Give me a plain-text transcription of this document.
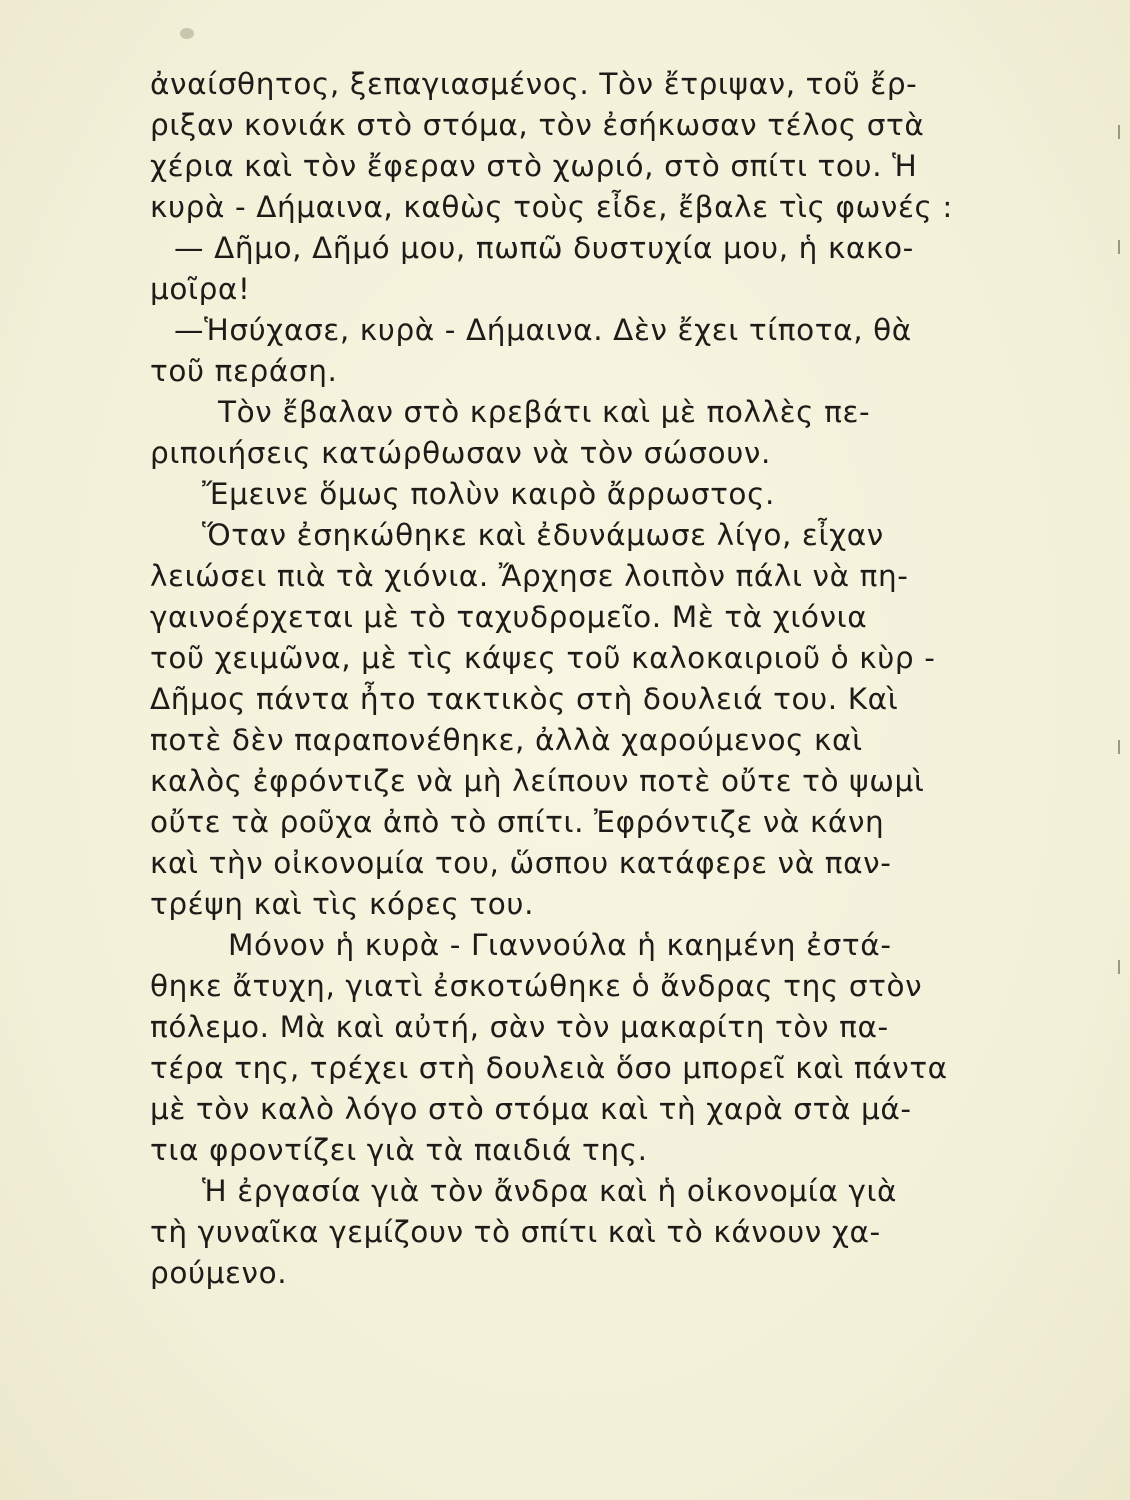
ἀναίσθητος, ξεπαγιασμένος. Τὸν ἔτριψαν, τοῦ ἔρ-
ριξαν κονιάκ στὸ στόμα, τὸν ἐσήκωσαν τέλος στὰ
χέρια καὶ τὸν ἔφεραν στὸ χωριό, στὸ σπίτι του. Ἡ
κυρὰ - Δήμαινα, καθὼς τοὺς εἶδε, ἔβαλε τὶς φωνές :
— Δῆμο, Δῆμό μου, πωπῶ δυστυχία μου, ἡ κακο-
μοῖρα!
—Ἡσύχασε, κυρὰ - Δήμαινα. Δὲν ἔχει τίποτα, θὰ
τοῦ περάση.
Τὸν ἔβαλαν στὸ κρεβάτι καὶ μὲ πολλὲς πε-
ριποιήσεις κατώρθωσαν νὰ τὸν σώσουν.
Ἔμεινε ὅμως πολὺν καιρὸ ἄρρωστος.
Ὅταν ἐσηκώθηκε καὶ ἐδυνάμωσε λίγο, εἶχαν
λειώσει πιὰ τὰ χιόνια. Ἄρχησε λοιπὸν πάλι νὰ πη-
γαινοέρχεται μὲ τὸ ταχυδρομεῖο. Μὲ τὰ χιόνια
τοῦ χειμῶνα, μὲ τὶς κάψες τοῦ καλοκαιριοῦ ὁ κὺρ -
Δῆμος πάντα ἦτο τακτικὸς στὴ δουλειά του. Καὶ
ποτὲ δὲν παραπονέθηκε, ἀλλὰ χαρούμενος καὶ
καλὸς ἐφρόντιζε νὰ μὴ λείπουν ποτὲ οὔτε τὸ ψωμὶ
οὔτε τὰ ροῦχα ἀπὸ τὸ σπίτι. Ἐφρόντιζε νὰ κάνη
καὶ τὴν οἰκονομία του, ὥσπου κατάφερε νὰ παν-
τρέψη καὶ τὶς κόρες του.
Μόνον ἡ κυρὰ - Γιαννούλα ἡ καημένη ἐστά-
θηκε ἄτυχη, γιατὶ ἐσκοτώθηκε ὁ ἄνδρας της στὸν
πόλεμο. Μὰ καὶ αὐτή, σὰν τὸν μακαρίτη τὸν πα-
τέρα της, τρέχει στὴ δουλειὰ ὅσο μπορεῖ καὶ πάντα
μὲ τὸν καλὸ λόγο στὸ στόμα καὶ τὴ χαρὰ στὰ μά-
τια φροντίζει γιὰ τὰ παιδιά της.
Ἡ ἐργασία γιὰ τὸν ἄνδρα καὶ ἡ οἰκονομία γιὰ
τὴ γυναῖκα γεμίζουν τὸ σπίτι καὶ τὸ κάνουν χα-
ρούμενο.
